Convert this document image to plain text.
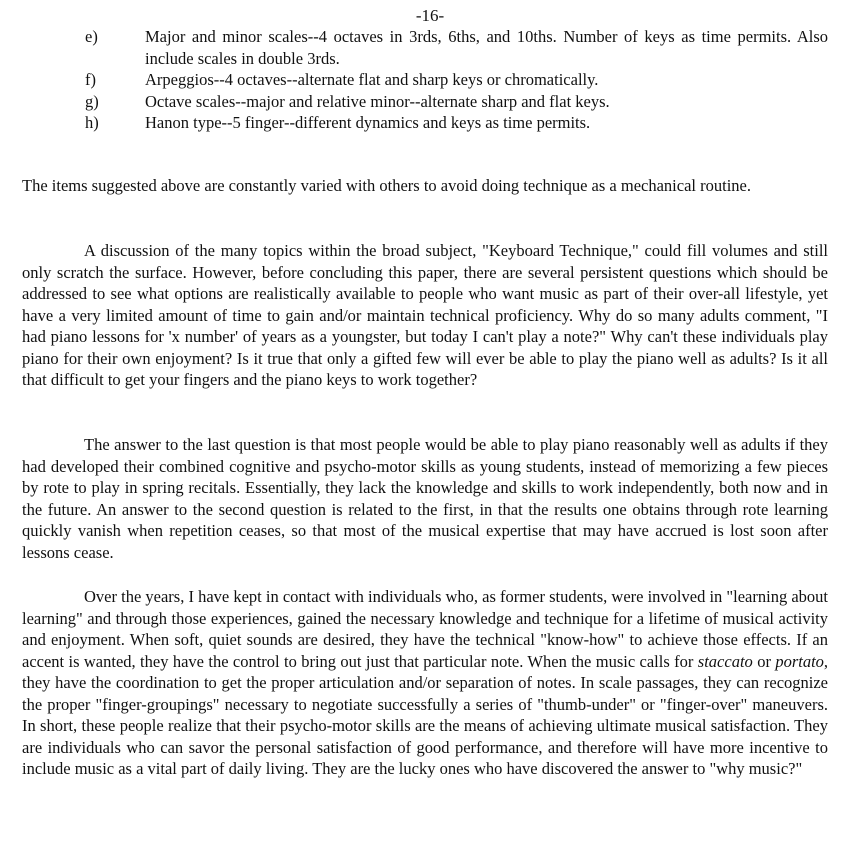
-16-
e)	Major and minor scales--4 octaves in 3rds, 6ths, and 10ths. Number of keys as time permits. Also include scales in double 3rds.
f)	Arpeggios--4 octaves--alternate flat and sharp keys or chromatically.
g)	Octave scales--major and relative minor--alternate sharp and flat keys.
h)	Hanon type--5 finger--different dynamics and keys as time permits.

The items suggested above are constantly varied with others to avoid doing technique as a mechanical routine.

A discussion of the many topics within the broad subject, "Keyboard Technique," could fill volumes and still only scratch the surface. However, before concluding this paper, there are several persistent questions which should be addressed to see what options are realistically available to people who want music as part of their over-all lifestyle, yet have a very limited amount of time to gain and/or maintain technical proficiency. Why do so many adults comment, "I had piano lessons for 'x number' of years as a youngster, but today I can't play a note?" Why can't these individuals play piano for their own enjoyment? Is it true that only a gifted few will ever be able to play the piano well as adults? Is it all that difficult to get your fingers and the piano keys to work together?

The answer to the last question is that most people would be able to play piano reasonably well as adults if they had developed their combined cognitive and psycho-motor skills as young students, instead of memorizing a few pieces by rote to play in spring recitals. Essentially, they lack the knowledge and skills to work independently, both now and in the future. An answer to the second question is related to the first, in that the results one obtains through rote learning quickly vanish when repetition ceases, so that most of the musical expertise that may have accrued is lost soon after lessons cease.

Over the years, I have kept in contact with individuals who, as former students, were involved in "learning about learning" and through those experiences, gained the necessary knowledge and technique for a lifetime of musical activity and enjoyment. When soft, quiet sounds are desired, they have the technical "know-how" to achieve those effects. If an accent is wanted, they have the control to bring out just that particular note. When the music calls for staccato or portato, they have the coordination to get the proper articulation and/or separation of notes. In scale passages, they can recognize the proper "finger-groupings" necessary to negotiate successfully a series of "thumb-under" or "finger-over" maneuvers. In short, these people realize that their psycho-motor skills are the means of achieving ultimate musical satisfaction. They are individuals who can savor the personal satisfaction of good performance, and therefore will have more incentive to include music as a vital part of daily living. They are the lucky ones who have discovered the answer to "why music?"
